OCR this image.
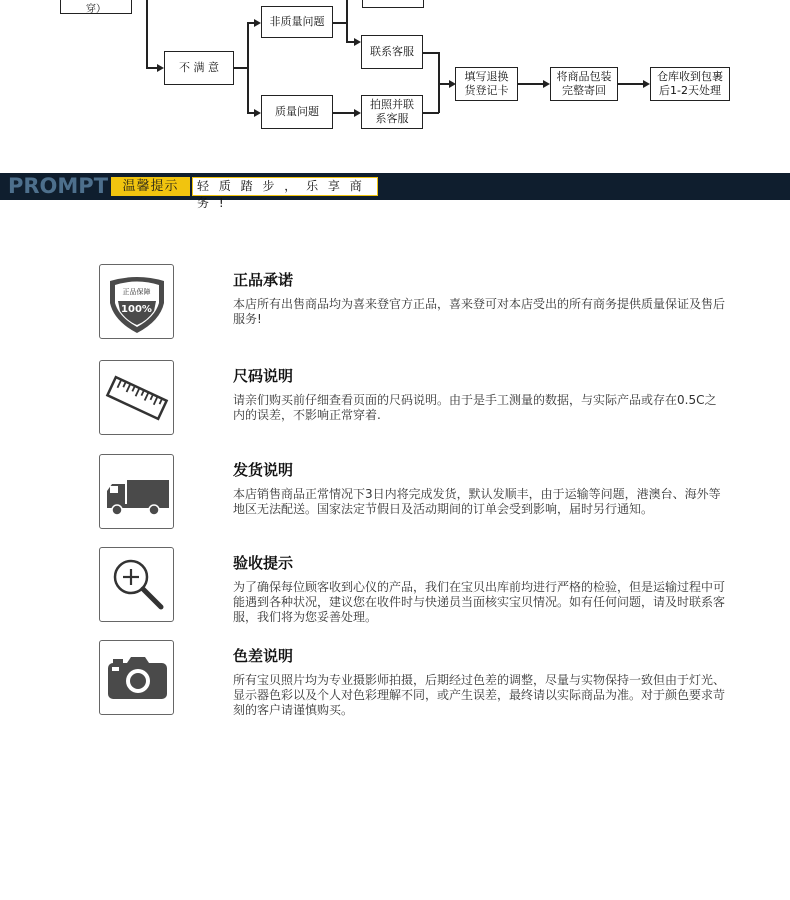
穿）
不 满 意
非质量问题
质量问题
联系客服
拍照并联
系客服
填写退换
货登记卡
将商品包装
完整寄回
仓库收到包裹
后1-2天处理
PROMPT	温馨提示	轻 质 踏 步 ， 乐 享 商 务 !
正品保障
100%
正品承诺
本店所有出售商品均为喜来登官方正品，喜来登可对本店受出的所有商务提供质量保证及售后服务!
尺码说明
请亲们购买前仔细查看页面的尺码说明。由于是手工测量的数据，与实际产品或存在0.5C之内的误差，不影响正常穿着.
发货说明
本店销售商品正常情况下3日内将完成发货，默认发顺丰，由于运输等问题，港澳台、海外等地区无法配送。国家法定节假日及活动期间的订单会受到影响，届时另行通知。
验收提示
为了确保每位顾客收到心仪的产品，我们在宝贝出库前均进行严格的检验，但是运输过程中可能遇到各种状况，建议您在收件时与快递员当面核实宝贝情况。如有任何问题，请及时联系客服，我们将为您妥善处理。
色差说明
所有宝贝照片均为专业摄影师拍摄，后期经过色差的调整，尽量与实物保持一致但由于灯光、显示器色彩以及个人对色彩理解不同，或产生误差，最终请以实际商品为准。对于颜色要求苛刻的客户请谨慎购买。
